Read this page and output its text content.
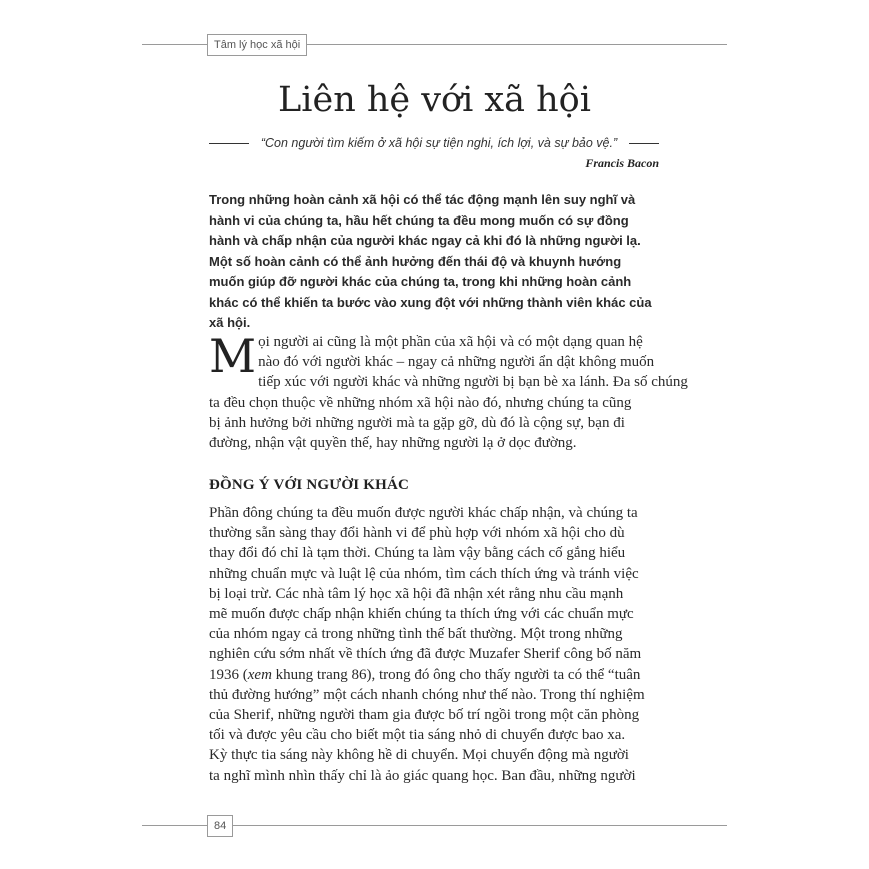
Tâm lý học xã hội
Liên hệ với xã hội
“Con người tìm kiếm ở xã hội sự tiện nghi, ích lợi, và sự bảo vệ.”
Francis Bacon

Trong những hoàn cảnh xã hội có thể tác động mạnh lên suy nghĩ và hành vi của chúng ta, hầu hết chúng ta đều mong muốn có sự đồng hành và chấp nhận của người khác ngay cả khi đó là những người lạ. Một số hoàn cảnh có thể ảnh hưởng đến thái độ và khuynh hướng muốn giúp đỡ người khác của chúng ta, trong khi những hoàn cảnh khác có thể khiến ta bước vào xung đột với những thành viên khác của xã hội.

M ọi người ai cũng là một phần của xã hội và có một dạng quan hệ
nào đó với người khác – ngay cả những người ẩn dật không muốn
tiếp xúc với người khác và những người bị bạn bè xa lánh. Đa số chúng
ta đều chọn thuộc về những nhóm xã hội nào đó, nhưng chúng ta cũng
bị ảnh hưởng bởi những người mà ta gặp gỡ, dù đó là cộng sự, bạn đi
đường, nhận vật quyền thế, hay những người lạ ở dọc đường.

ĐỒNG Ý VỚI NGƯỜI KHÁC

Phần đông chúng ta đều muốn được người khác chấp nhận, và chúng ta
thường sẵn sàng thay đổi hành vi để phù hợp với nhóm xã hội cho dù
thay đổi đó chỉ là tạm thời. Chúng ta làm vậy bằng cách cố gắng hiểu
những chuẩn mực và luật lệ của nhóm, tìm cách thích ứng và tránh việc
bị loại trừ. Các nhà tâm lý học xã hội đã nhận xét rằng nhu cầu mạnh
mẽ muốn được chấp nhận khiến chúng ta thích ứng với các chuẩn mực
của nhóm ngay cả trong những tình thế bất thường. Một trong những
nghiên cứu sớm nhất về thích ứng đã được Muzafer Sherif công bố năm
1936 (xem khung trang 86), trong đó ông cho thấy người ta có thể “tuân
thủ đường hướng” một cách nhanh chóng như thế nào. Trong thí nghiệm
của Sherif, những người tham gia được bố trí ngồi trong một căn phòng
tối và được yêu cầu cho biết một tia sáng nhỏ di chuyển được bao xa.
Kỳ thực tia sáng này không hề di chuyển. Mọi chuyển động mà người
ta nghĩ mình nhìn thấy chỉ là ảo giác quang học. Ban đầu, những người

84
